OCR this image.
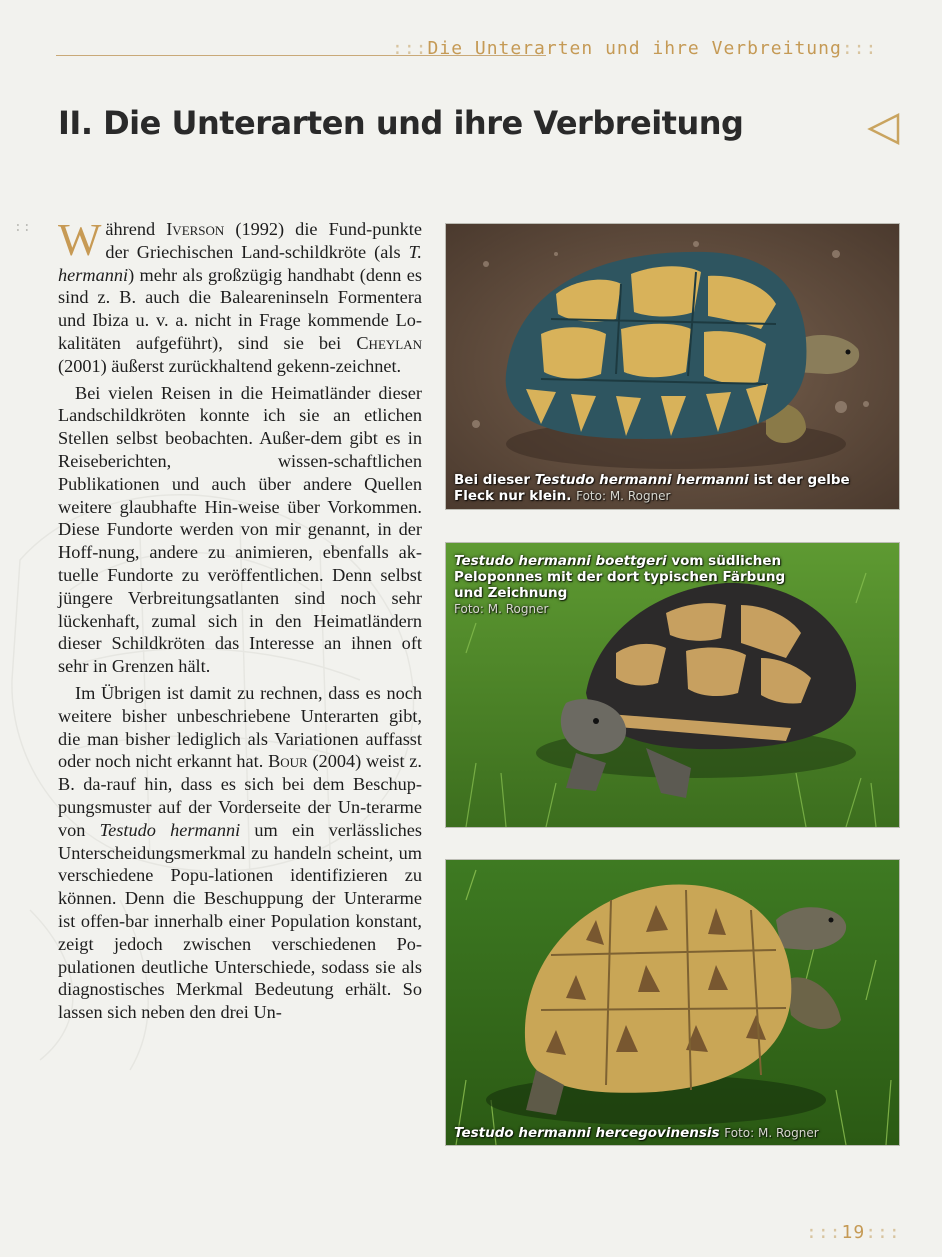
:::Die Unterarten und ihre Verbreitung:::
II. Die Unterarten und ihre Verbreitung
:: Während Iverson (1992) die Fund-punkte der Griechischen Land-schildkröte (als T. hermanni) mehr als großzügig handhabt (denn es sind z. B. auch die Baleareninseln Formentera und Ibiza u. v. a. nicht in Frage kommende Lo-kalitäten aufgeführt), sind sie bei Cheylan (2001) äußerst zurückhaltend gekenn-zeichnet.

Bei vielen Reisen in die Heimatländer dieser Landschildkröten konnte ich sie an etlichen Stellen selbst beobachten. Außer-dem gibt es in Reiseberichten, wissen-schaftlichen Publikationen und auch über andere Quellen weitere glaubhafte Hin-weise über Vorkommen. Diese Fundorte werden von mir genannt, in der Hoff-nung, andere zu animieren, ebenfalls ak-tuelle Fundorte zu veröffentlichen. Denn selbst jüngere Verbreitungsatlanten sind noch sehr lückenhaft, zumal sich in den Heimatländern dieser Schildkröten das Interesse an ihnen oft sehr in Grenzen hält.

Im Übrigen ist damit zu rechnen, dass es noch weitere bisher unbeschriebene Unterarten gibt, die man bisher lediglich als Variationen auffasst oder noch nicht erkannt hat. Bour (2004) weist z. B. da-rauf hin, dass es sich bei dem Beschup-pungsmuster auf der Vorderseite der Un-terarme von Testudo hermanni um ein verlässliches Unterscheidungsmerkmal zu handeln scheint, um verschiedene Popu-lationen identifizieren zu können. Denn die Beschuppung der Unterarme ist offen-bar innerhalb einer Population konstant, zeigt jedoch zwischen verschiedenen Po-pulationen deutliche Unterschiede, sodass sie als diagnostisches Merkmal Bedeutung erhält. So lassen sich neben den drei Un-

Bei dieser Testudo hermanni hermanni ist der gelbe Fleck nur klein. Foto: M. Rogner
Testudo hermanni boettgeri vom südlichen Peloponnes mit der dort typischen Färbung und Zeichnung
Foto: M. Rogner
Testudo hermanni hercegovinensis Foto: M. Rogner
:::19:::
